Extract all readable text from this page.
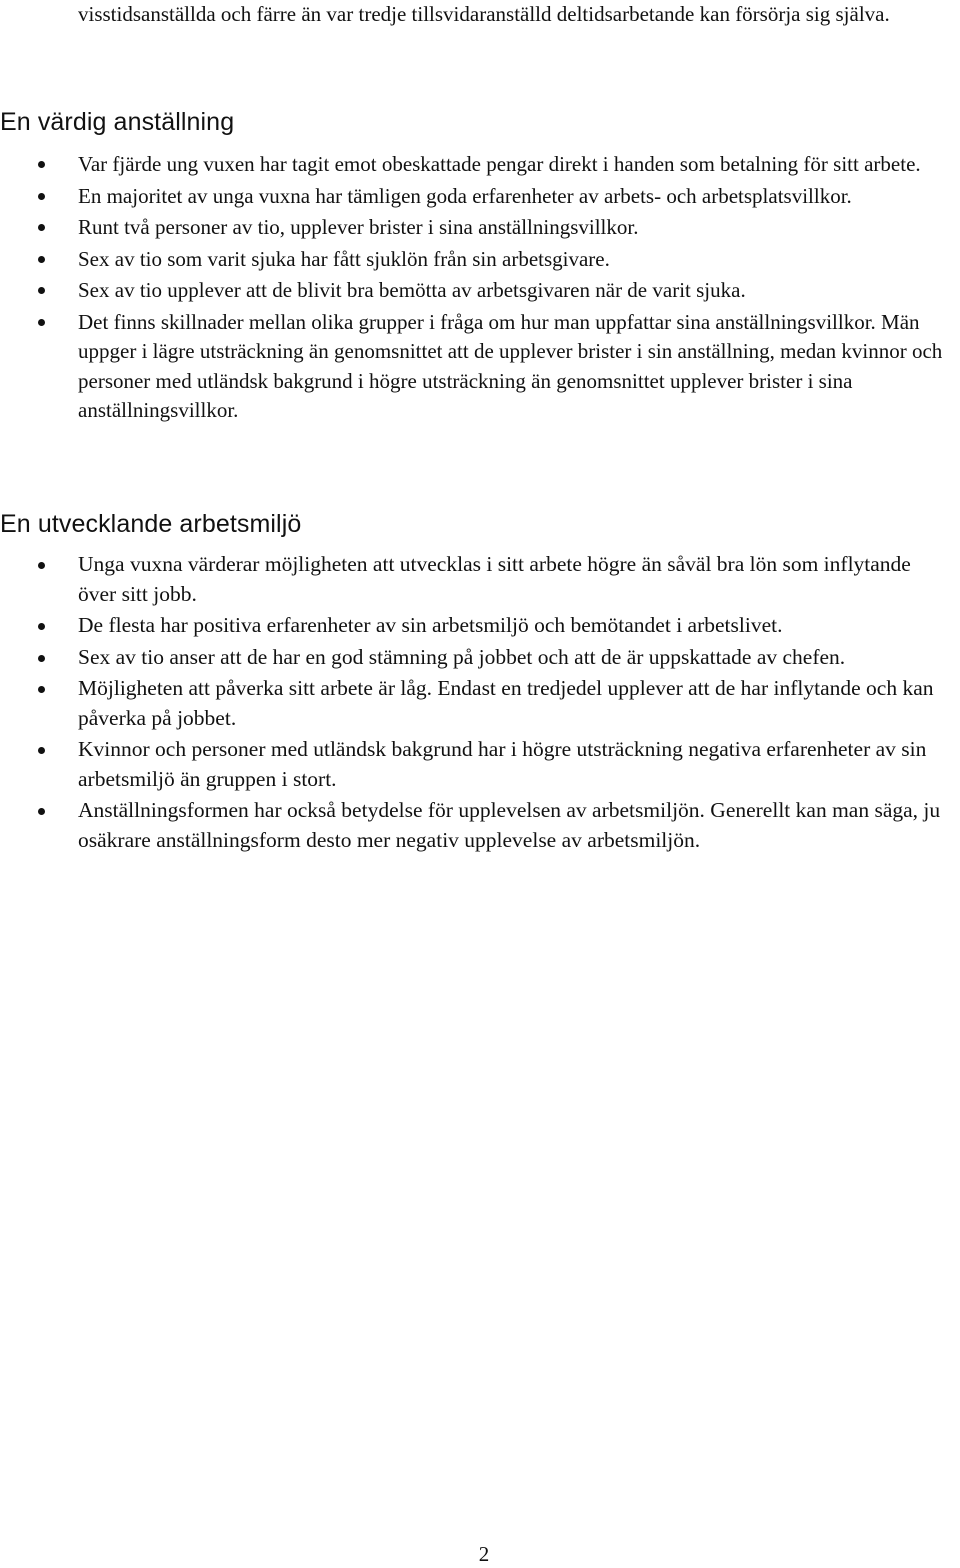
visstidsanställda och färre än var tredje tillsvidaranställd deltidsarbetande kan försörja sig själva.

En värdig anställning
Var fjärde ung vuxen har tagit emot obeskattade pengar direkt i handen som betalning för sitt arbete.
En majoritet av unga vuxna har tämligen goda erfarenheter av arbets- och arbetsplatsvillkor.
Runt två personer av tio, upplever brister i sina anställningsvillkor.
Sex av tio som varit sjuka har fått sjuklön från sin arbetsgivare.
Sex av tio upplever att de blivit bra bemötta av arbetsgivaren när de varit sjuka.
Det finns skillnader mellan olika grupper i fråga om hur man uppfattar sina anställningsvillkor. Män uppger i lägre utsträckning än genomsnittet att de upplever brister i sin anställning, medan kvinnor och personer med utländsk bakgrund i högre utsträckning än genomsnittet upplever brister i sina anställningsvillkor.
En utvecklande arbetsmiljö
Unga vuxna värderar möjligheten att utvecklas i sitt arbete högre än såväl bra lön som inflytande över sitt jobb.
De flesta har positiva erfarenheter av sin arbetsmiljö och bemötandet i arbetslivet.
Sex av tio anser att de har en god stämning på jobbet och att de är uppskattade av chefen.
Möjligheten att påverka sitt arbete är låg. Endast en tredjedel upplever att de har inflytande och kan påverka på jobbet.
Kvinnor och personer med utländsk bakgrund har i högre utsträckning negativa erfarenheter av sin arbetsmiljö än gruppen i stort.
Anställningsformen har också betydelse för upplevelsen av arbetsmiljön. Generellt kan man säga, ju osäkrare anställningsform desto mer negativ upplevelse av arbetsmiljön.
2
